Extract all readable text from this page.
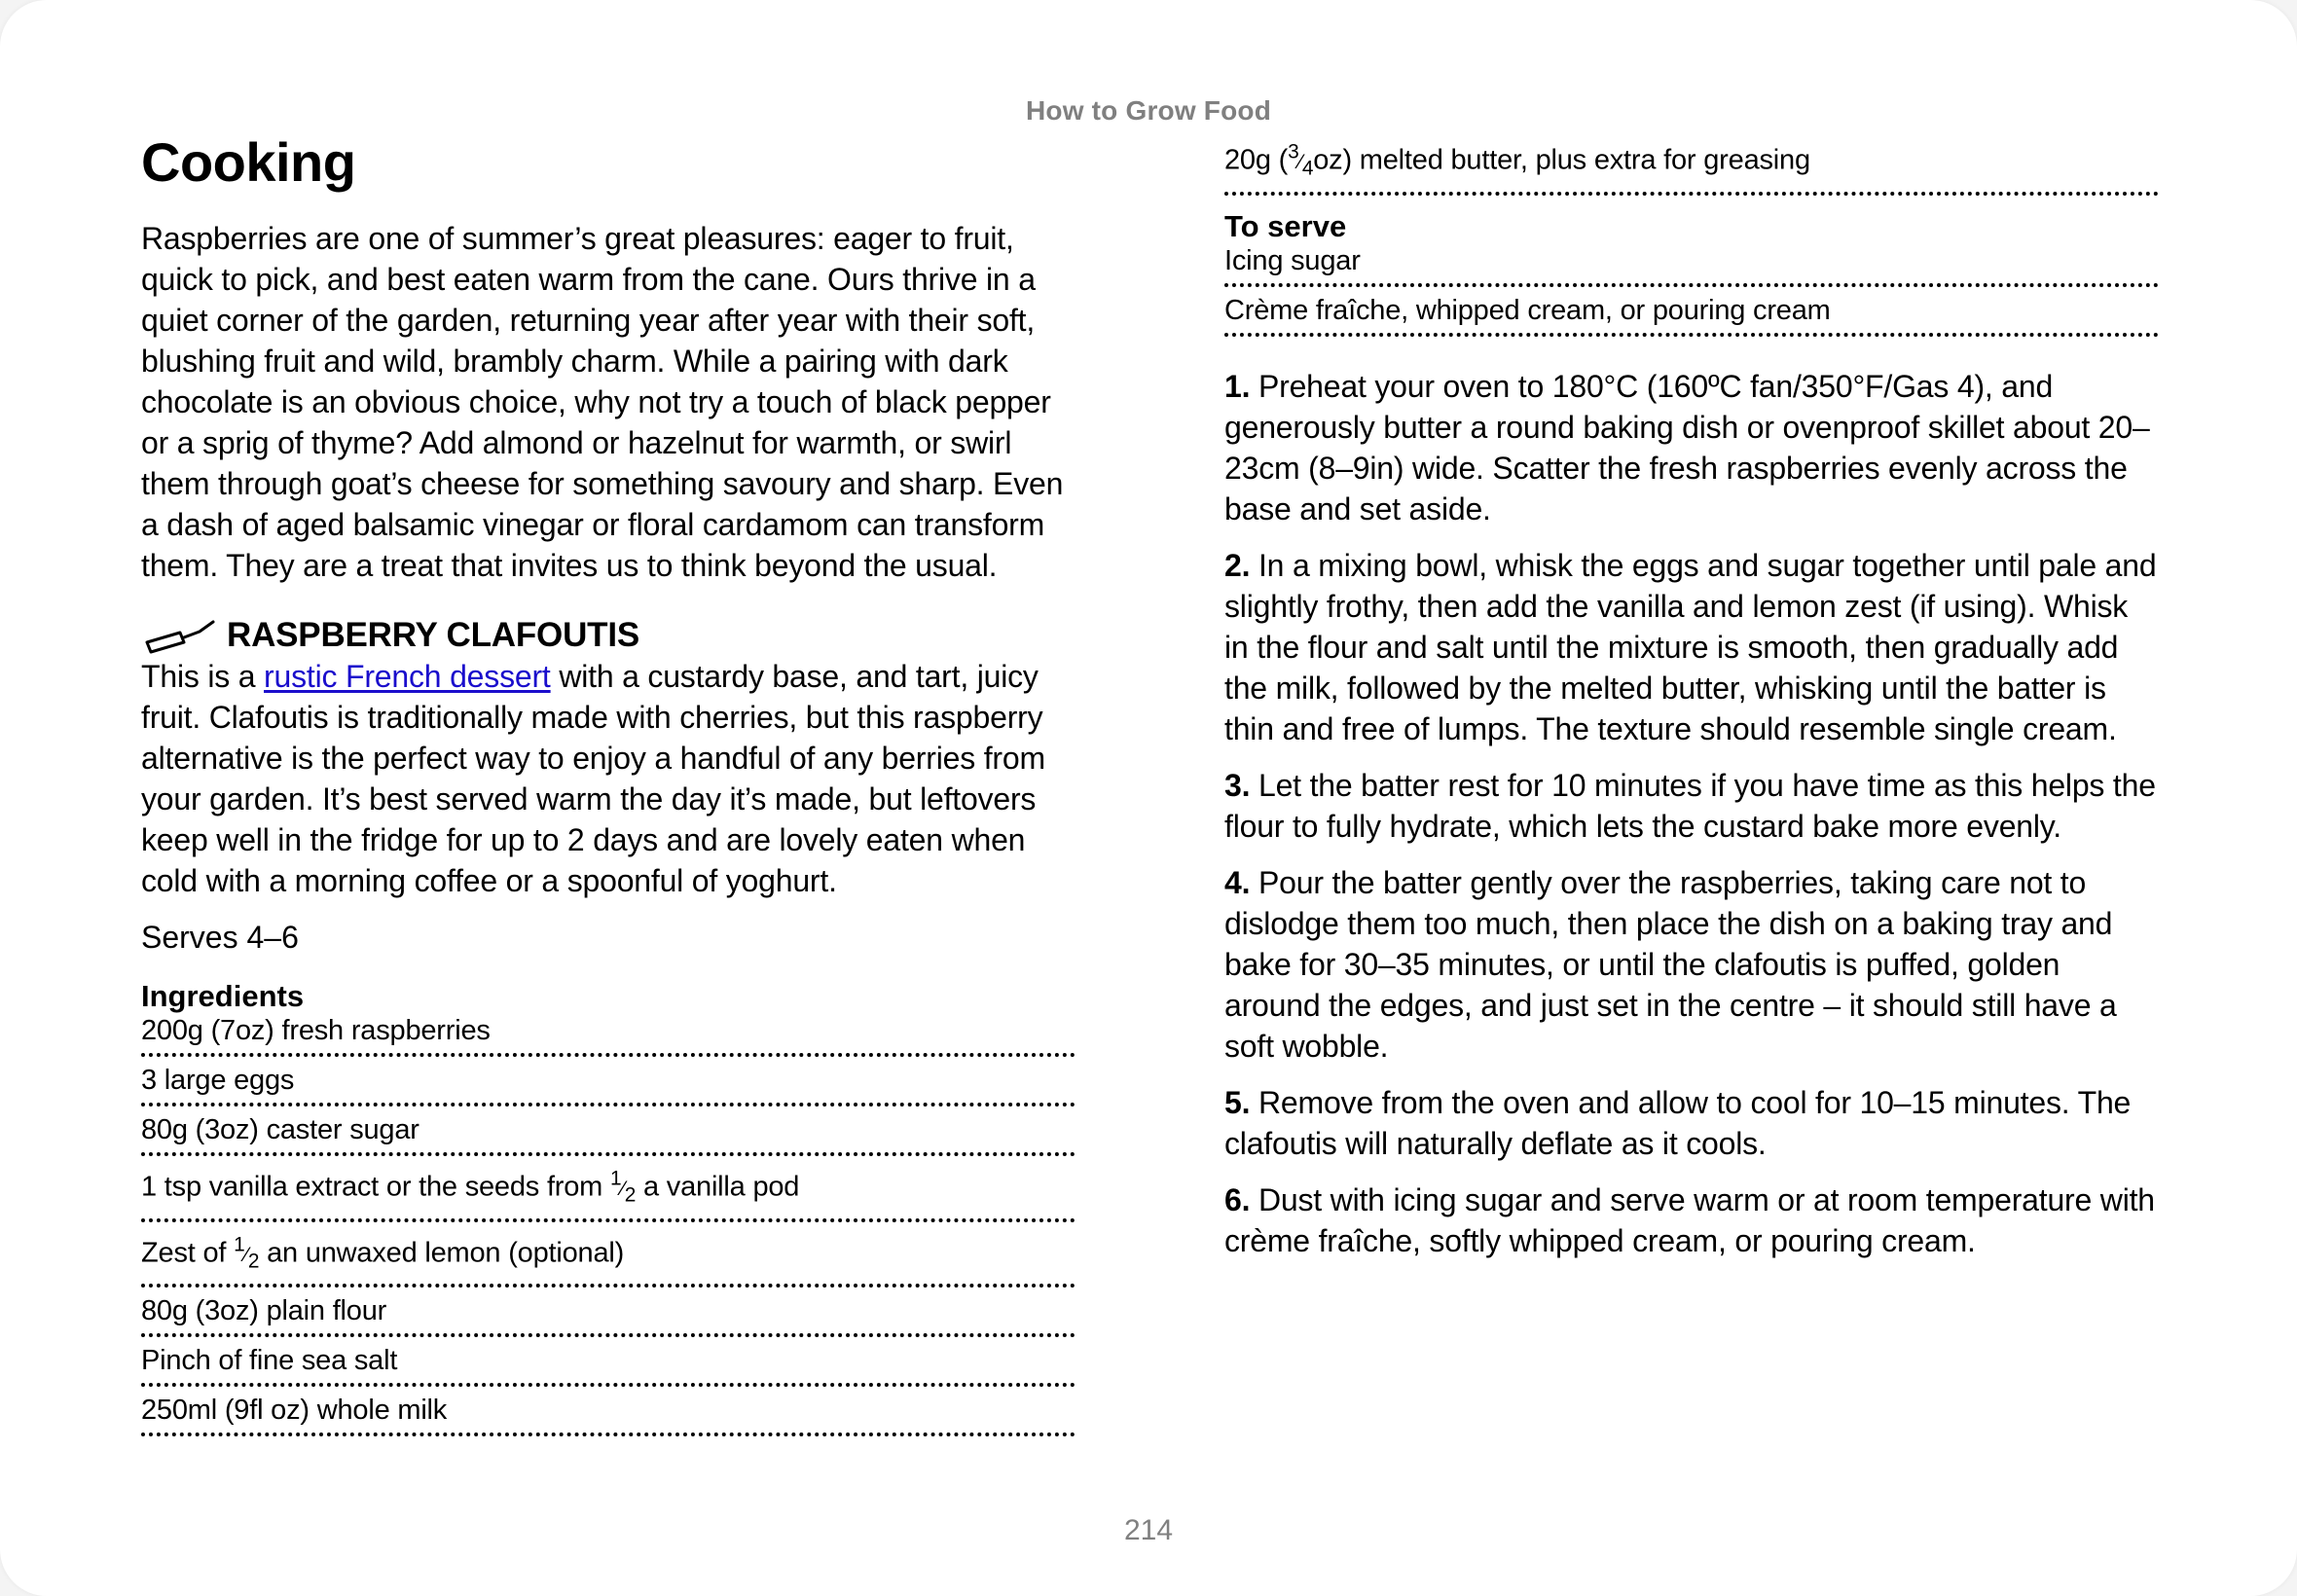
How to Grow Food
Cooking

Raspberries are one of summer’s great pleasures: eager to fruit, quick to pick, and best eaten warm from the cane. Ours thrive in a quiet corner of the garden, returning year after year with their soft, blushing fruit and wild, brambly charm. While a pairing with dark chocolate is an obvious choice, why not try a touch of black pepper or a sprig of thyme? Add almond or hazelnut for warmth, or swirl them through goat’s cheese for something savoury and sharp. Even a dash of aged balsamic vinegar or floral cardamom can transform them. They are a treat that invites us to think beyond the usual.

RASPBERRY CLAFOUTIS

This is a rustic French dessert with a custardy base, and tart, juicy fruit. Clafoutis is traditionally made with cherries, but this raspberry alternative is the perfect way to enjoy a handful of any berries from your garden. It’s best served warm the day it’s made, but leftovers keep well in the fridge for up to 2 days and are lovely eaten when cold with a morning coffee or a spoonful of yoghurt.

Serves 4–6
Ingredients
200g (7oz) fresh raspberries
3 large eggs
80g (3oz) caster sugar
1 tsp vanilla extract or the seeds from $^1⁄_2$ a vanilla pod
Zest of $^1⁄_2$ an unwaxed lemon (optional)
80g (3oz) plain flour
Pinch of fine sea salt
250ml (9fl oz) whole milk
20g $(^3⁄_4oz)$ melted butter, plus extra for greasing
To serve
Icing sugar
Crème fraîche, whipped cream, or pouring cream

1. Preheat your oven to 180°C (160ºC fan/350°F/Gas 4), and generously butter a round baking dish or ovenproof skillet about 20–23cm (8–9in) wide. Scatter the fresh raspberries evenly across the base and set aside.

2. In a mixing bowl, whisk the eggs and sugar together until pale and slightly frothy, then add the vanilla and lemon zest (if using). Whisk in the flour and salt until the mixture is smooth, then gradually add the milk, followed by the melted butter, whisking until the batter is thin and free of lumps. The texture should resemble single cream.

3. Let the batter rest for 10 minutes if you have time as this helps the flour to fully hydrate, which lets the custard bake more evenly.

4. Pour the batter gently over the raspberries, taking care not to dislodge them too much, then place the dish on a baking tray and bake for 30–35 minutes, or until the clafoutis is puffed, golden around the edges, and just set in the centre – it should still have a soft wobble.

5. Remove from the oven and allow to cool for 10–15 minutes. The clafoutis will naturally deflate as it cools.

6. Dust with icing sugar and serve warm or at room temperature with crème fraîche, softly whipped cream, or pouring cream.

214
